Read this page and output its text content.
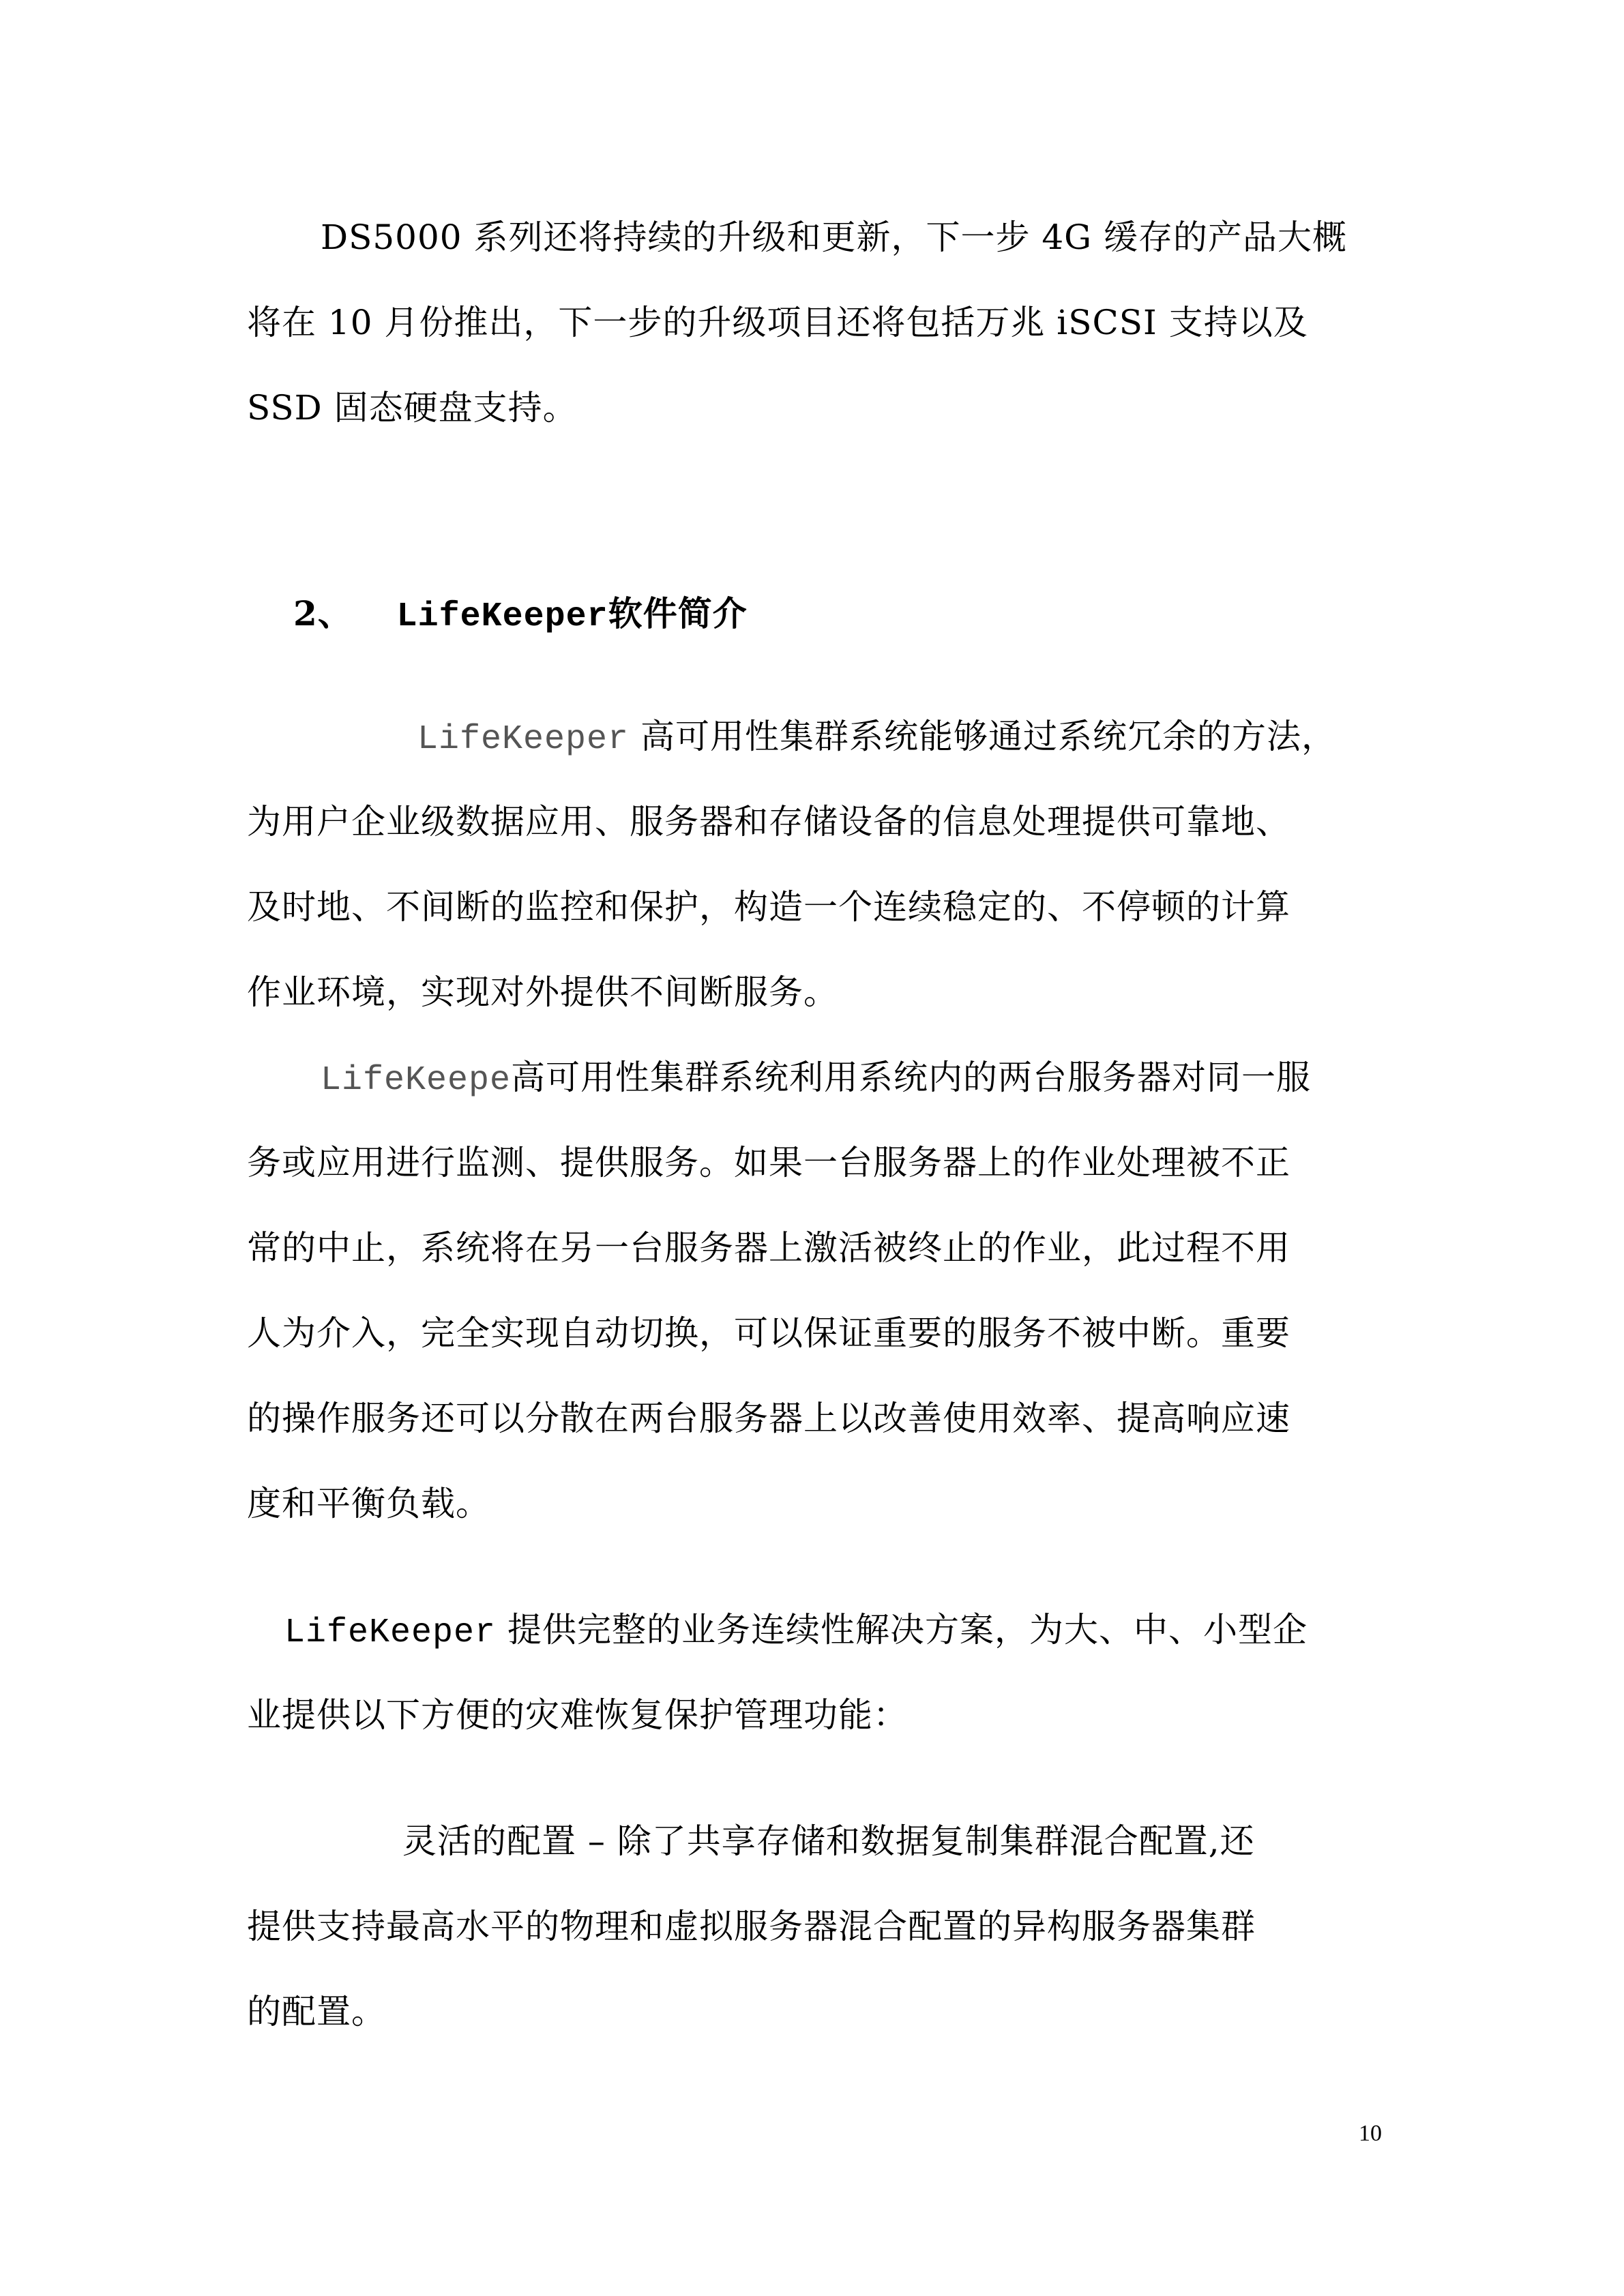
DS5000 系列还将持续的升级和更新，下一步 4G 缓存的产品大概
将在 10 月份推出，下一步的升级项目还将包括万兆 iSCSI 支持以及
SSD 固态硬盘支持。
2、 LifeKeeper软件简介
LifeKeeper 高可用性集群系统能够通过系统冗余的方法，
为用户企业级数据应用、服务器和存储设备的信息处理提供可靠地、
及时地、不间断的监控和保护，构造一个连续稳定的、不停顿的计算
作业环境，实现对外提供不间断服务。
LifeKeepe高可用性集群系统利用系统内的两台服务器对同一服
务或应用进行监测、提供服务。如果一台服务器上的作业处理被不正
常的中止，系统将在另一台服务器上激活被终止的作业，此过程不用
人为介入，完全实现自动切换，可以保证重要的服务不被中断。重要
的操作服务还可以分散在两台服务器上以改善使用效率、提高响应速
度和平衡负载。
LifeKeeper 提供完整的业务连续性解决方案，为大、中、小型企
业提供以下方便的灾难恢复保护管理功能：
灵活的配置 – 除了共享存储和数据复制集群混合配置,还
提供支持最高水平的物理和虚拟服务器混合配置的异构服务器集群
的配置。
10
